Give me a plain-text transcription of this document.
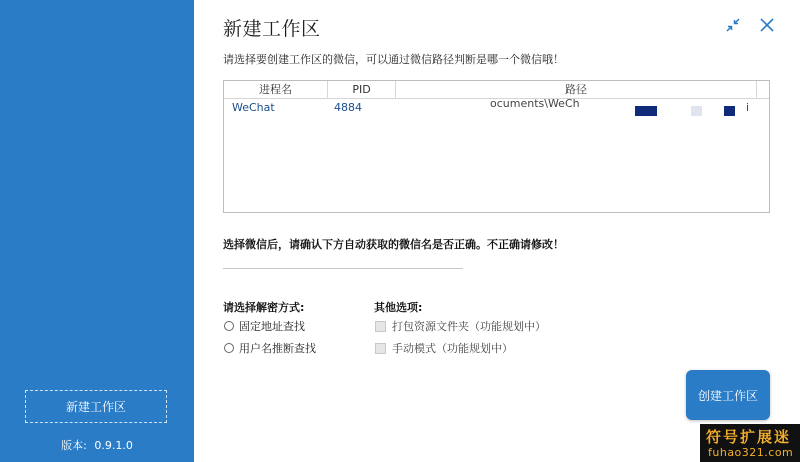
新建工作区
版本: 0.9.1.0
新建工作区
请选择要创建工作区的微信，可以通过微信路径判断是哪一个微信哦！
进程名	PID	路径
WeChat	4884	ocuments\WeCh	i
选择微信后，请确认下方自动获取的微信名是否正确。不正确请修改！
请选择解密方式:
固定地址查找
用户名推断查找
其他选项:
打包资源文件夹（功能规划中）
手动模式（功能规划中）
创建工作区
符号扩展迷
fuhao321.com
